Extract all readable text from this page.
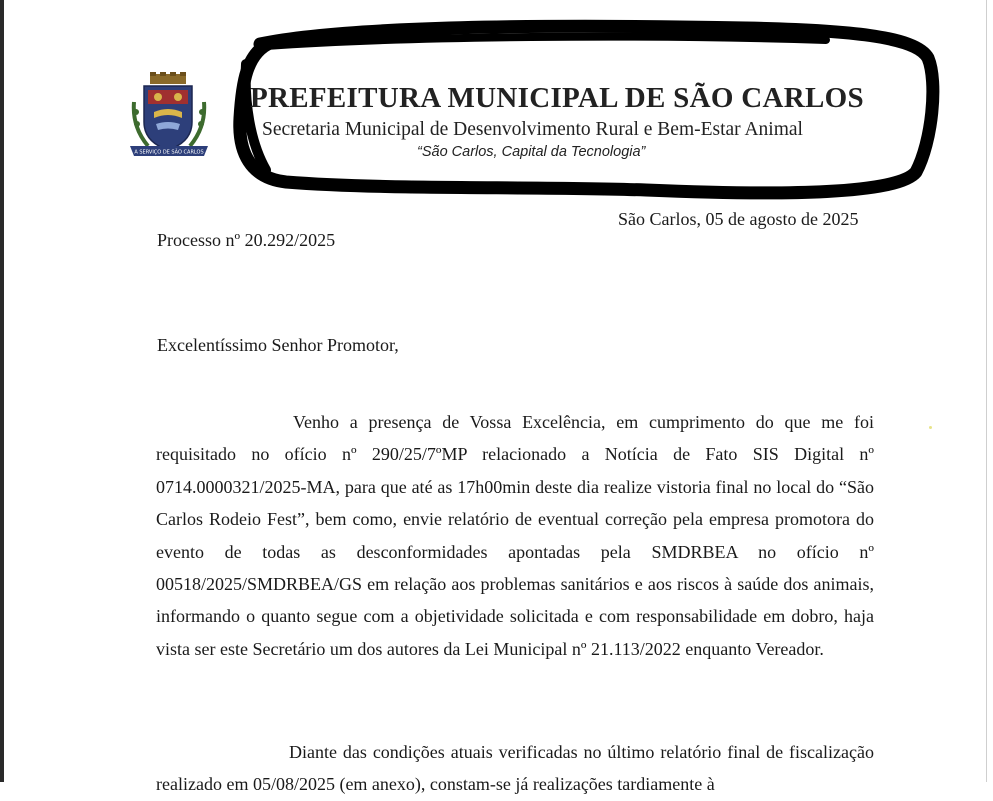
A SERVIÇO DE SÃO CARLOS
PREFEITURA MUNICIPAL DE SÃO CARLOS
Secretaria Municipal de Desenvolvimento Rural e Bem-Estar Animal
“São Carlos, Capital da Tecnologia”
São Carlos, 05 de agosto de 2025
Processo nº 20.292/2025
Excelentíssimo Senhor Promotor,
Venho a presença de Vossa Excelência, em cumprimento do que me foi requisitado no ofício nº 290/25/7ºMP relacionado a Notícia de Fato SIS Digital nº 0714.0000321/2025-MA, para que até as 17h00min deste dia realize vistoria final no local do “São Carlos Rodeio Fest”, bem como, envie relatório de eventual correção pela empresa promotora do evento de todas as desconformidades apontadas pela SMDRBEA no ofício nº 00518/2025/SMDRBEA/GS em relação aos problemas sanitários e aos riscos à saúde dos animais, informando o quanto segue com a objetividade solicitada e com responsabilidade em dobro, haja vista ser este Secretário um dos autores da Lei Municipal nº 21.113/2022 enquanto Vereador.
Diante das condições atuais verificadas no último relatório final de fiscalização realizado em 05/08/2025 (em anexo), constam-se já realizações tardiamente à
